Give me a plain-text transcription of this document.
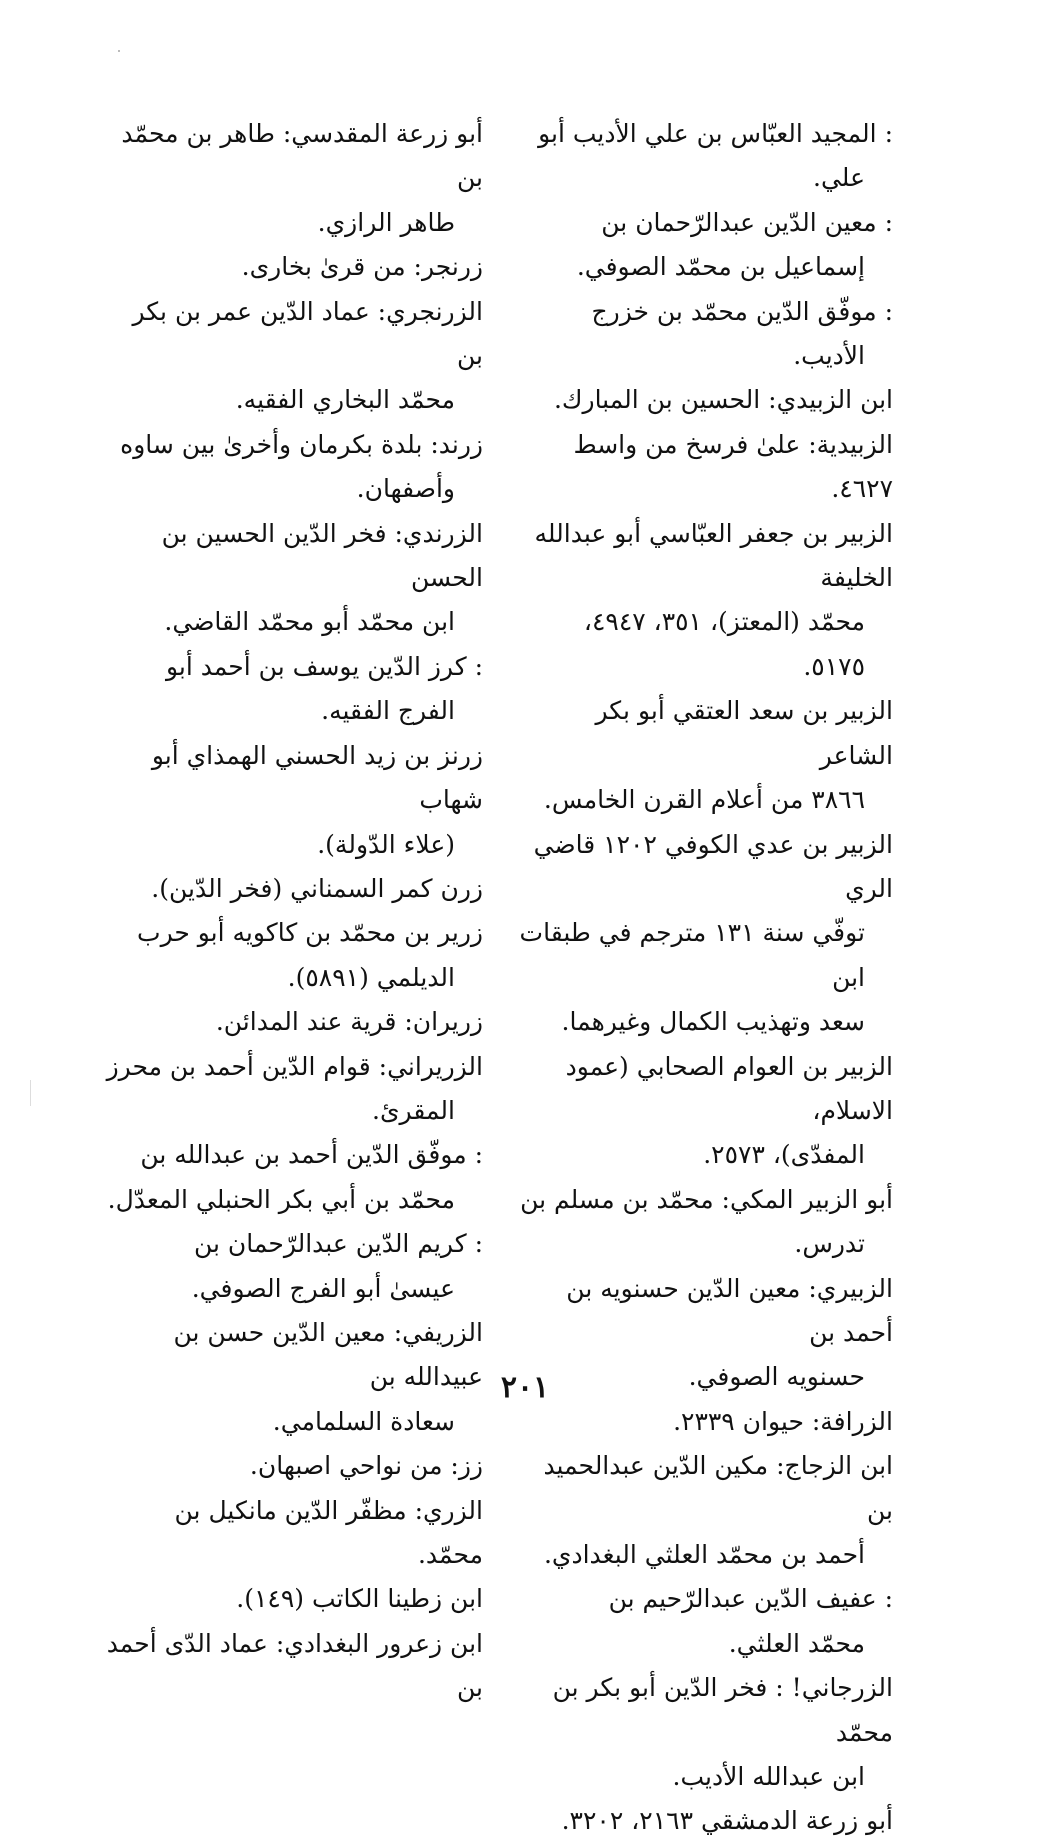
‏: المجيد العبّاس بن علي الأديب أبو
علي.
‏: معين الدّين عبدالرّحمان بن
إسماعيل بن محمّد الصوفي.
‏: موفّق الدّين محمّد بن خزرج
الأديب.
ابن الزبيدي: الحسين بن المبارك.
الزبيدية: علىٰ فرسخ من واسط ٤٦٢٧.
الزبير بن جعفر العبّاسي أبو عبدالله الخليفة
محمّد (المعتز)، ٣٥١، ٤٩٤٧، ٥١٧٥.
الزبير بن سعد العتقي أبو بكر الشاعر
٣٨٦٦ من أعلام القرن الخامس.
الزبير بن عدي الكوفي ١٢٠٢ قاضي الري
توفّي سنة ١٣١ مترجم في طبقات ابن
سعد وتهذيب الكمال وغيرهما.
الزبير بن العوام الصحابي (عمود الاسلام،
المفدّى)، ٢٥٧٣.
أبو الزبير المكي: محمّد بن مسلم بن
تدرس.
الزبيري: معين الدّين حسنويه بن أحمد بن
حسنويه الصوفي.
الزرافة: حيوان ٢٣٣٩.
ابن الزجاج: مكين الدّين عبدالحميد بن
أحمد بن محمّد العلثي البغدادي.
‏: عفيف الدّين عبدالرّحيم بن
محمّد العلثي.
الزرجاني! : فخر الدّين أبو بكر بن محمّد
ابن عبدالله الأديب.
أبو زرعة الدمشقي ٢١٦٣، ٣٢٠٢.
أبو زرعة المقدسي: طاهر بن محمّد بن
طاهر الرازي.
زرنجر: من قرىٰ بخارى.
الزرنجري: عماد الدّين عمر بن بكر بن
محمّد البخاري الفقيه.
زرند: بلدة بكرمان وأخرىٰ بين ساوه
وأصفهان.
الزرندي: فخر الدّين الحسين بن الحسن
ابن محمّد أبو محمّد القاضي.
‏: كرز الدّين يوسف بن أحمد أبو
الفرج الفقيه.
زرنز بن زيد الحسني الهمذاي أبو شهاب
(علاء الدّولة).
زرن كمر السمناني (فخر الدّين).
زرير بن محمّد بن كاكويه أبو حرب
الديلمي (٥٨٩١).
زريران: قرية عند المدائن.
الزريراني: قوام الدّين أحمد بن محرز
المقرئ.
‏: موفّق الدّين أحمد بن عبدالله بن
محمّد بن أبي بكر الحنبلي المعدّل.
‏: كريم الدّين عبدالرّحمان بن
عيسىٰ أبو الفرج الصوفي.
الزريفي: معين الدّين حسن بن عبيدالله بن
سعادة السلمامي.
زز: من نواحي اصبهان.
الزري: مظفّر الدّين مانكيل بن محمّد.
ابن زطينا الكاتب (١٤٩).
ابن زعرور البغدادي: عماد الدّى أحمد بن
٢٠١
